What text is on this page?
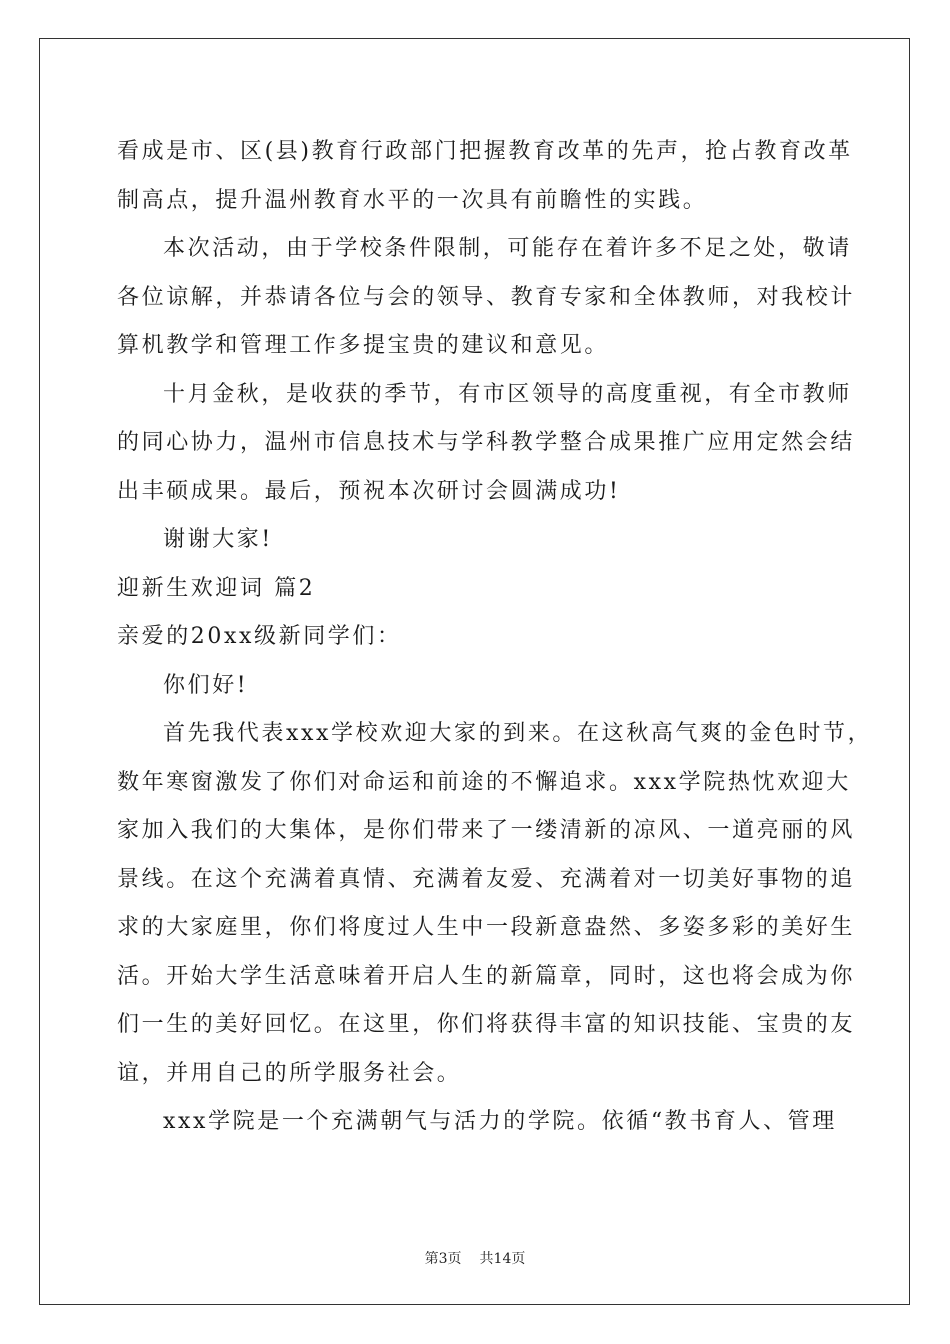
看成是市、区(县)教育行政部门把握教育改革的先声，抢占教育改革
制高点，提升温州教育水平的一次具有前瞻性的实践。
本次活动，由于学校条件限制，可能存在着许多不足之处，敬请
各位谅解，并恭请各位与会的领导、教育专家和全体教师，对我校计
算机教学和管理工作多提宝贵的建议和意见。
十月金秋，是收获的季节，有市区领导的高度重视，有全市教师
的同心协力，温州市信息技术与学科教学整合成果推广应用定然会结
出丰硕成果。最后，预祝本次研讨会圆满成功!
谢谢大家!
迎新生欢迎词 篇2
亲爱的20xx级新同学们：
你们好!
首先我代表xxx学校欢迎大家的到来。在这秋高气爽的金色时节，
数年寒窗激发了你们对命运和前途的不懈追求。xxx学院热忱欢迎大
家加入我们的大集体，是你们带来了一缕清新的凉风、一道亮丽的风
景线。在这个充满着真情、充满着友爱、充满着对一切美好事物的追
求的大家庭里，你们将度过人生中一段新意盎然、多姿多彩的美好生
活。开始大学生活意味着开启人生的新篇章，同时，这也将会成为你
们一生的美好回忆。在这里，你们将获得丰富的知识技能、宝贵的友
谊，并用自己的所学服务社会。
xxx学院是一个充满朝气与活力的学院。依循“教书育人、管理
第3页 共14页
